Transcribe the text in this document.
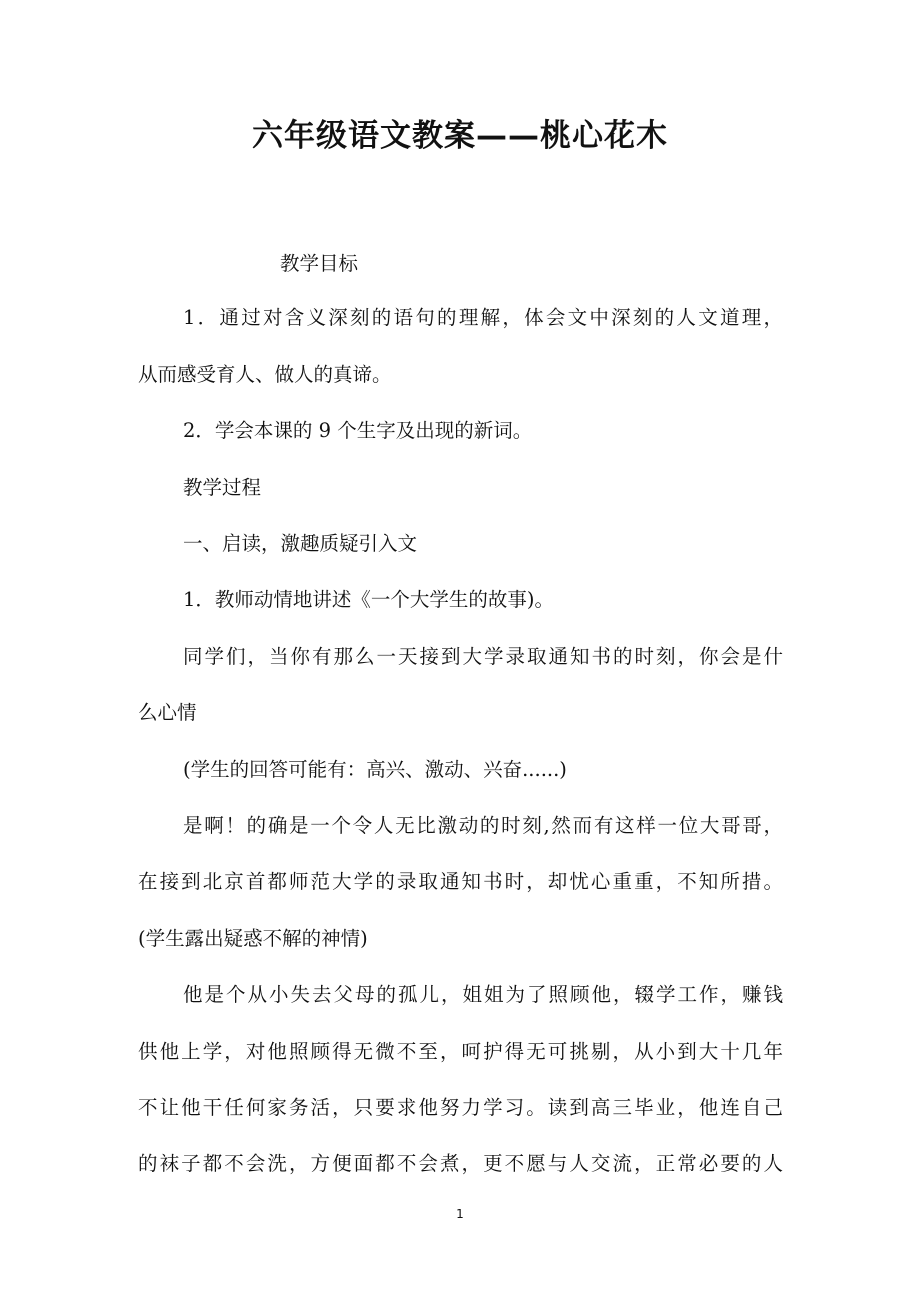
六年级语文教案——桃心花木

教学目标

1．通过对含义深刻的语句的理解，体会文中深刻的人文道理，

从而感受育人、做人的真谛。

2．学会本课的 9 个生字及出现的新词。

教学过程

一、启读，激趣质疑引入文

1．教师动情地讲述《一个大学生的故事)。

同学们，当你有那么一天接到大学录取通知书的时刻，你会是什

么心情

(学生的回答可能有：高兴、激动、兴奋......)

是啊！的确是一个令人无比激动的时刻,然而有这样一位大哥哥，

在接到北京首都师范大学的录取通知书时，却忧心重重，不知所措。

(学生露出疑惑不解的神情)

他是个从小失去父母的孤儿，姐姐为了照顾他，辍学工作，赚钱

供他上学，对他照顾得无微不至，呵护得无可挑剔，从小到大十几年

不让他干任何家务活，只要求他努力学习。读到高三毕业，他连自己

的袜子都不会洗，方便面都不会煮，更不愿与人交流，正常必要的人

1
